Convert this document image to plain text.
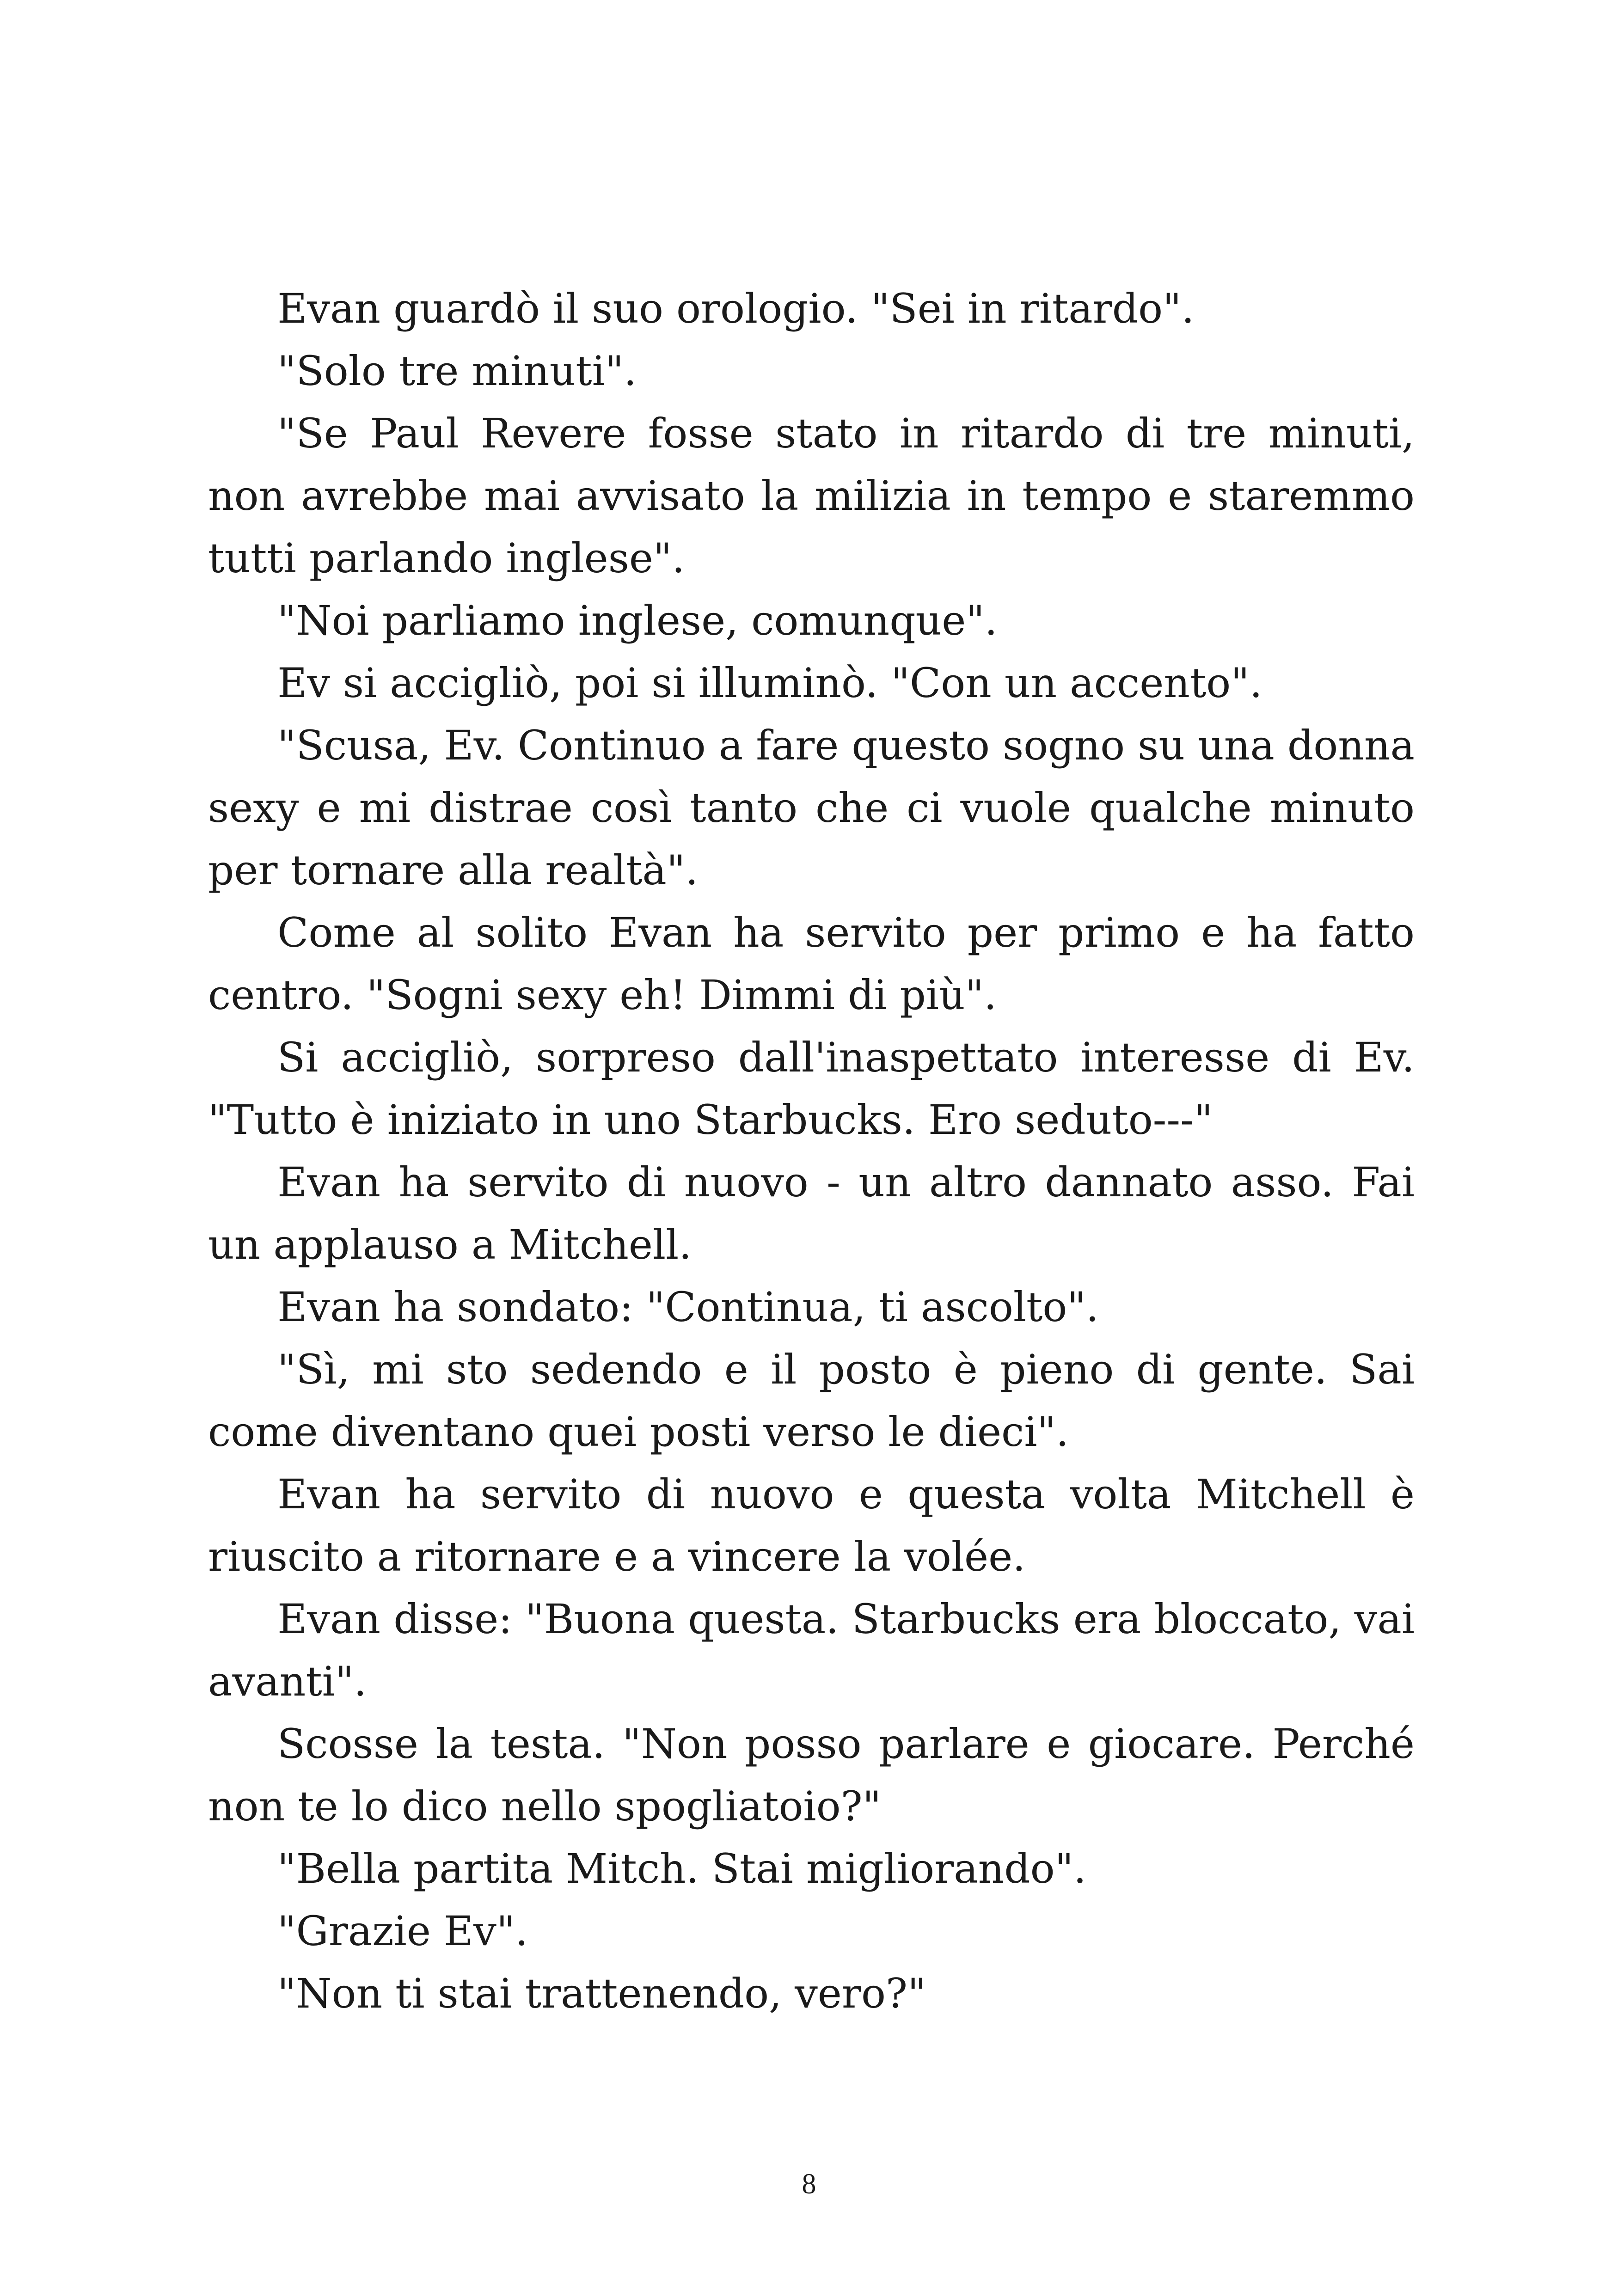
Evan guardò il suo orologio. "Sei in ritardo".

"Solo tre minuti".

"Se Paul Revere fosse stato in ritardo di tre minuti, non avrebbe mai avvisato la milizia in tempo e staremmo tutti parlando inglese".

"Noi parliamo inglese, comunque".

Ev si accigliò, poi si illuminò. "Con un accento".

"Scusa, Ev. Continuo a fare questo sogno su una donna sexy e mi distrae così tanto che ci vuole qualche minuto per tornare alla realtà".

Come al solito Evan ha servito per primo e ha fatto centro. "Sogni sexy eh! Dimmi di più".

Si accigliò, sorpreso dall'inaspettato interesse di Ev. "Tutto è iniziato in uno Starbucks. Ero seduto---"

Evan ha servito di nuovo - un altro dannato asso. Fai un applauso a Mitchell.

Evan ha sondato: "Continua, ti ascolto".

"Sì, mi sto sedendo e il posto è pieno di gente. Sai come diventano quei posti verso le dieci".

Evan ha servito di nuovo e questa volta Mitchell è riuscito a ritornare e a vincere la volée.

Evan disse: "Buona questa. Starbucks era bloccato, vai avanti".

Scosse la testa. "Non posso parlare e giocare. Perché non te lo dico nello spogliatoio?"

"Bella partita Mitch. Stai migliorando".

"Grazie Ev".

"Non ti stai trattenendo, vero?"

8
